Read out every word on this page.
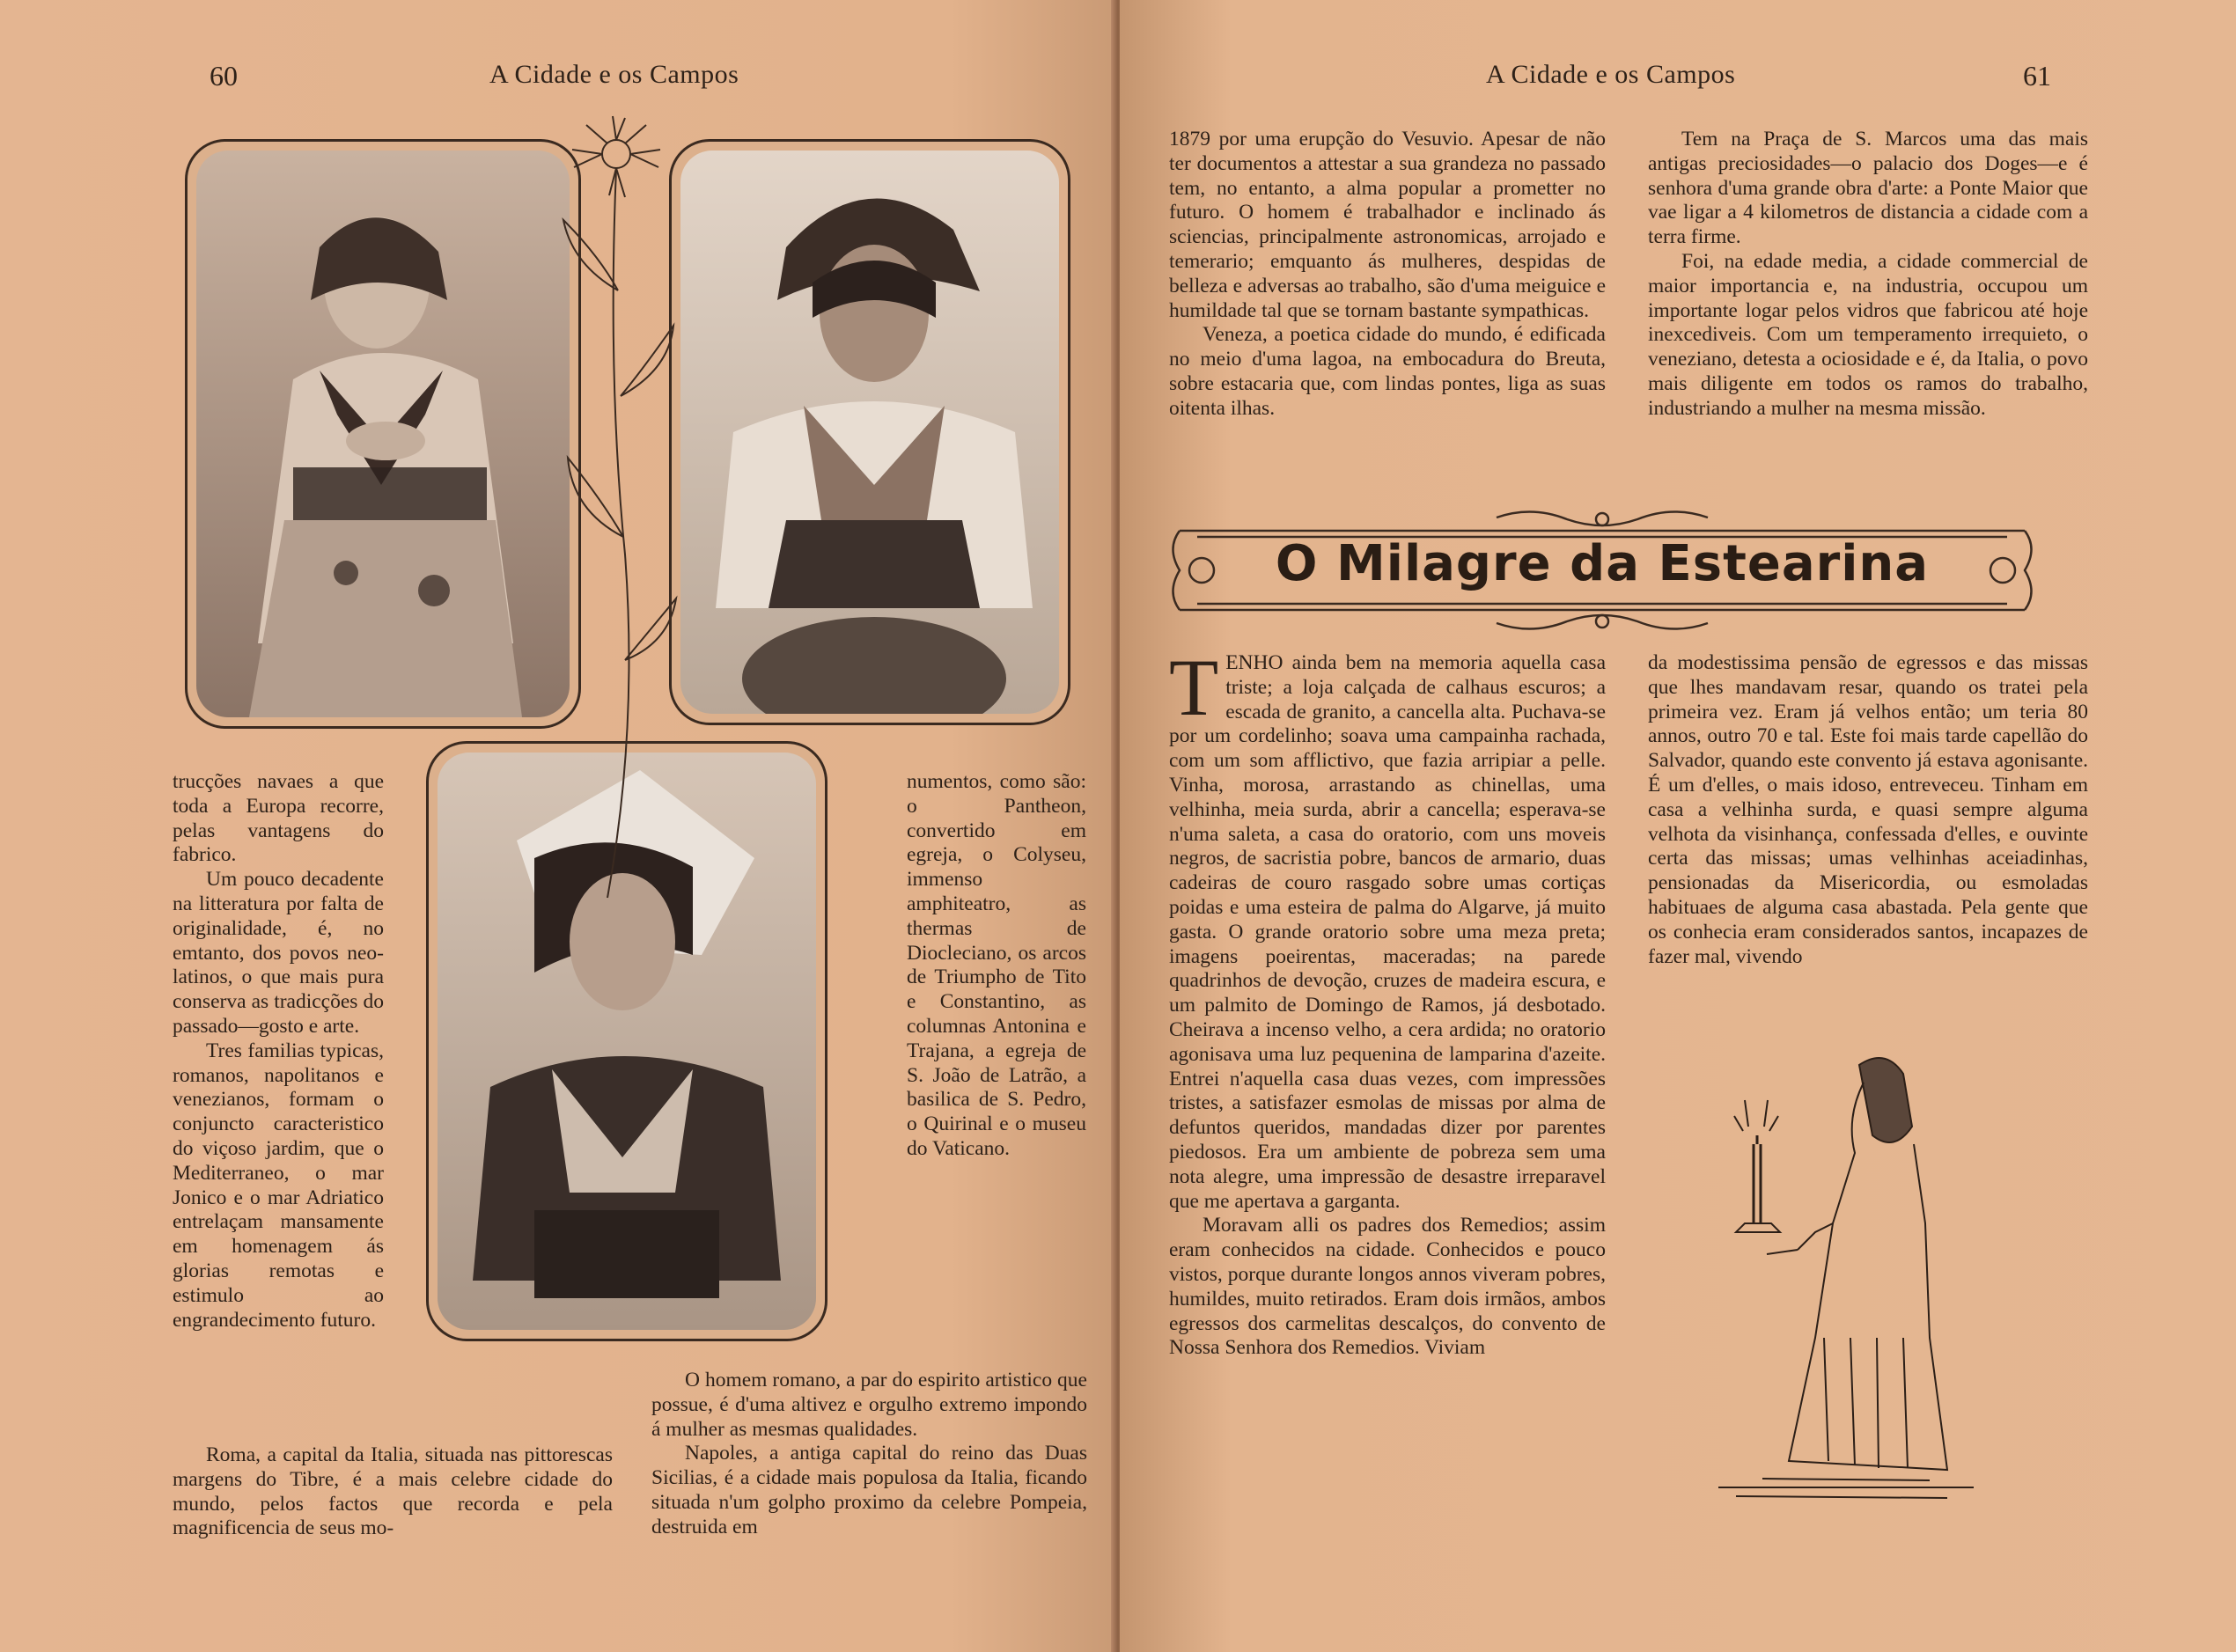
60	A Cidade e os Campos

trucções navaes a que toda a Europa recorre, pelas vantagens do fabrico.

Um pouco decadente na litteratura por falta de originalidade, é, no emtanto, dos povos neo-latinos, o que mais pura conserva as tradicções do passado—gosto e arte.

Tres familias typicas, romanos, napolitanos e venezianos, formam o conjuncto caracteristico do viçoso jardim, que o Mediterraneo, o mar Jonico e o mar Adriatico entrelaçam mansamente em homenagem ás glorias remotas e estimulo ao engrandecimento futuro.

Roma, a capital da Italia, situada nas pittorescas margens do Tibre, é a mais celebre cidade do mundo, pelos factos que recorda e pela magnificencia de seus mo-

numentos, como são: o Pantheon, convertido em egreja, o Colyseu, immenso amphiteatro, as thermas de Diocleciano, os arcos de Triumpho de Tito e Constantino, as columnas Antonina e Trajana, a egreja de S. João de Latrão, a basilica de S. Pedro, o Quirinal e o museu do Vaticano.

O homem romano, a par do espirito artistico que possue, é d'uma altivez e orgulho extremo impondo á mulher as mesmas qualidades.

Napoles, a antiga capital do reino das Duas Sicilias, é a cidade mais populosa da Italia, ficando situada n'um golpho proximo da celebre Pompeia, destruida em

A Cidade e os Campos	61

1879 por uma erupção do Vesuvio. Apesar de não ter documentos a attestar a sua grandeza no passado tem, no entanto, a alma popular a prometter no futuro. O homem é trabalhador e inclinado ás sciencias, principalmente astronomicas, arrojado e temerario; emquanto ás mulheres, despidas de belleza e adversas ao trabalho, são d'uma meiguice e humildade tal que se tornam bastante sympathicas.

Veneza, a poetica cidade do mundo, é edificada no meio d'uma lagoa, na embocadura do Breuta, sobre estacaria que, com lindas pontes, liga as suas oitenta ilhas.

Tem na Praça de S. Marcos uma das mais antigas preciosidades—o palacio dos Doges—e é senhora d'uma grande obra d'arte: a Ponte Maior que vae ligar a 4 kilometros de distancia a cidade com a terra firme.

Foi, na edade media, a cidade commercial de maior importancia e, na industria, occupou um importante logar pelos vidros que fabricou até hoje inexcediveis. Com um temperamento irrequieto, o veneziano, detesta a ociosidade e é, da Italia, o povo mais diligente em todos os ramos do trabalho, industriando a mulher na mesma missão.

O Milagre da Estearina

TENHO ainda bem na memoria aquella casa triste; a loja calçada de calhaus escuros; a escada de granito, a cancella alta. Puchava-se por um cordelinho; soava uma campainha rachada, com um som afflictivo, que fazia arripiar a pelle. Vinha, morosa, arrastando as chinellas, uma velhinha, meia surda, abrir a cancella; esperava-se n'uma saleta, a casa do oratorio, com uns moveis negros, de sacristia pobre, bancos de armario, duas cadeiras de couro rasgado sobre umas cortiças poidas e uma esteira de palma do Algarve, já muito gasta. O grande oratorio sobre uma meza preta; imagens poeirentas, maceradas; na parede quadrinhos de devoção, cruzes de madeira escura, e um palmito de Domingo de Ramos, já desbotado. Cheirava a incenso velho, a cera ardida; no oratorio agonisava uma luz pequenina de lamparina d'azeite. Entrei n'aquella casa duas vezes, com impressões tristes, a satisfazer esmolas de missas por alma de defuntos queridos, mandadas dizer por parentes piedosos. Era um ambiente de pobreza sem uma nota alegre, uma impressão de desastre irreparavel que me apertava a garganta.

Moravam alli os padres dos Remedios; assim eram conhecidos na cidade. Conhecidos e pouco vistos, porque durante longos annos viveram pobres, humildes, muito retirados. Eram dois irmãos, ambos egressos dos carmelitas descalços, do convento de Nossa Senhora dos Remedios. Viviam

da modestissima pensão de egressos e das missas que lhes mandavam resar, quando os tratei pela primeira vez. Eram já velhos então; um teria 80 annos, outro 70 e tal. Este foi mais tarde capellão do Salvador, quando este convento já estava agonisante. É um d'elles, o mais idoso, entreveceu. Tinham em casa a velhinha surda, e quasi sempre alguma velhota da visinhança, confessada d'elles, e ouvinte certa das missas; umas velhinhas aceiadinhas, pensionadas da Misericordia, ou esmoladas habituaes de alguma casa abastada. Pela gente que os conhecia eram considerados santos, incapazes de fazer mal, vivendo
